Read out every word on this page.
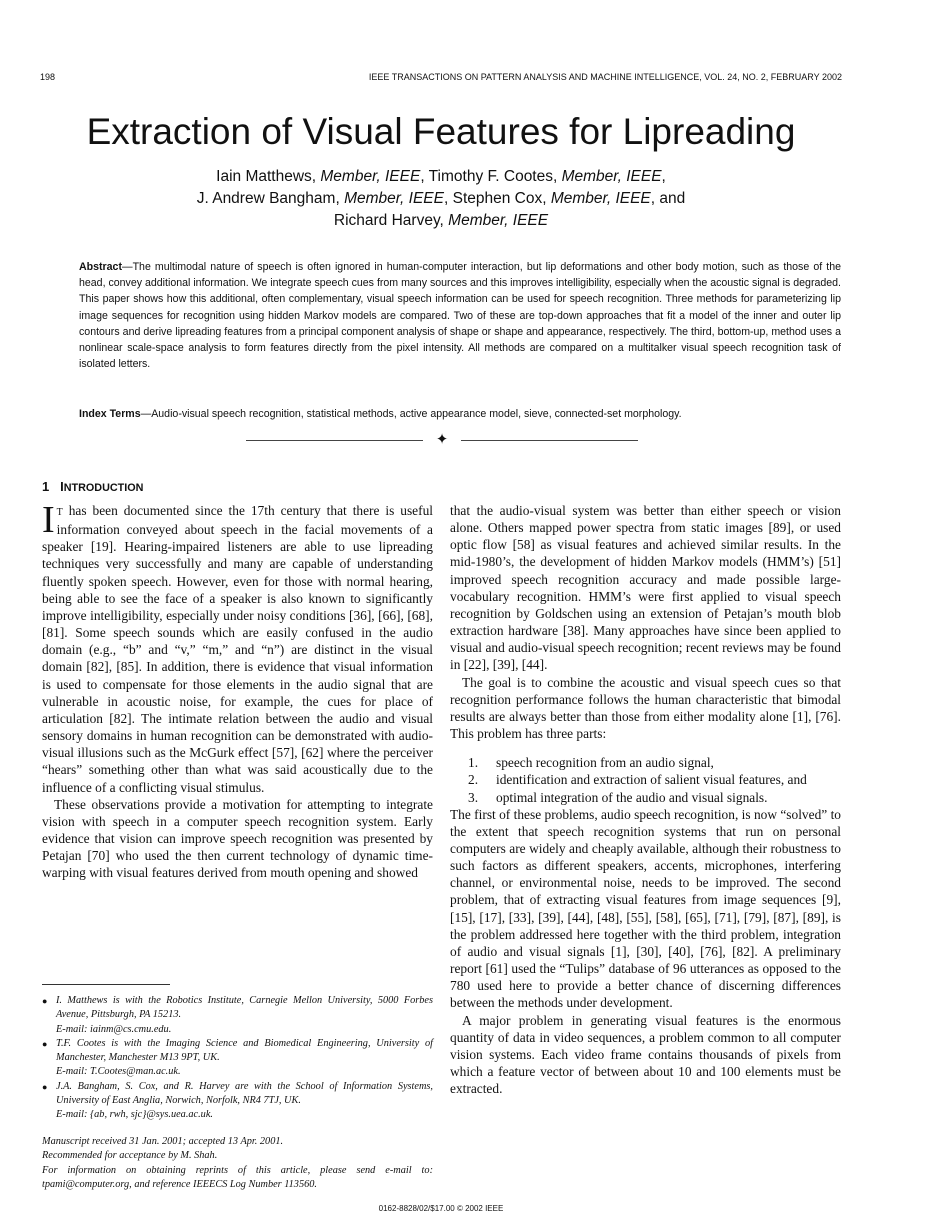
198	IEEE TRANSACTIONS ON PATTERN ANALYSIS AND MACHINE INTELLIGENCE, VOL. 24, NO. 2, FEBRUARY 2002
Extraction of Visual Features for Lipreading
Iain Matthews, Member, IEEE, Timothy F. Cootes, Member, IEEE,
J. Andrew Bangham, Member, IEEE, Stephen Cox, Member, IEEE, and
Richard Harvey, Member, IEEE
Abstract—The multimodal nature of speech is often ignored in human-computer interaction, but lip deformations and other body motion, such as those of the head, convey additional information. We integrate speech cues from many sources and this improves intelligibility, especially when the acoustic signal is degraded. This paper shows how this additional, often complementary, visual speech information can be used for speech recognition. Three methods for parameterizing lip image sequences for recognition using hidden Markov models are compared. Two of these are top-down approaches that fit a model of the inner and outer lip contours and derive lipreading features from a principal component analysis of shape or shape and appearance, respectively. The third, bottom-up, method uses a nonlinear scale-space analysis to form features directly from the pixel intensity. All methods are compared on a multitalker visual speech recognition task of isolated letters.
Index Terms—Audio-visual speech recognition, statistical methods, active appearance model, sieve, connected-set morphology.
✦
1 INTRODUCTION

I T has been documented since the 17th century that there is useful information conveyed about speech in the facial movements of a speaker [19]. Hearing-impaired listeners are able to use lipreading techniques very successfully and many are capable of understanding fluently spoken speech. However, even for those with normal hearing, being able to see the face of a speaker is also known to significantly improve intelligibility, especially under noisy conditions [36], [66], [68], [81]. Some speech sounds which are easily confused in the audio domain (e.g., “b” and “v,” “m,” and “n”) are distinct in the visual domain [82], [85]. In addition, there is evidence that visual information is used to compensate for those elements in the audio signal that are vulnerable in acoustic noise, for example, the cues for place of articulation [82]. The intimate relation between the audio and visual sensory domains in human recognition can be demonstrated with audio-visual illusions such as the McGurk effect [57], [62] where the perceiver “hears” something other than what was said acoustically due to the influence of a conflicting visual stimulus.

These observations provide a motivation for attempting to integrate vision with speech in a computer speech recognition system. Early evidence that vision can improve speech recognition was presented by Petajan [70] who used the then current technology of dynamic time-warping with visual features derived from mouth opening and showed

● I. Matthews is with the Robotics Institute, Carnegie Mellon University, 5000 Forbes Avenue, Pittsburgh, PA 15213.
E-mail: iainm@cs.cmu.edu.
● T.F. Cootes is with the Imaging Science and Biomedical Engineering, University of Manchester, Manchester M13 9PT, UK.
E-mail: T.Cootes@man.ac.uk.
● J.A. Bangham, S. Cox, and R. Harvey are with the School of Information Systems, University of East Anglia, Norwich, Norfolk, NR4 7TJ, UK.
E-mail: {ab, rwh, sjc}@sys.uea.ac.uk.
Manuscript received 31 Jan. 2001; accepted 13 Apr. 2001.
Recommended for acceptance by M. Shah.
For information on obtaining reprints of this article, please send e-mail to: tpami@computer.org, and reference IEEECS Log Number 113560.

that the audio-visual system was better than either speech or vision alone. Others mapped power spectra from static images [89], or used optic flow [58] as visual features and achieved similar results. In the mid-1980’s, the development of hidden Markov models (HMM’s) [51] improved speech recognition accuracy and made possible large-vocabulary recognition. HMM’s were first applied to visual speech recognition by Goldschen using an extension of Petajan’s mouth blob extraction hardware [38]. Many approaches have since been applied to visual and audio-visual speech recognition; recent reviews may be found in [22], [39], [44].

The goal is to combine the acoustic and visual speech cues so that recognition performance follows the human characteristic that bimodal results are always better than those from either modality alone [1], [76]. This problem has three parts:

1. speech recognition from an audio signal,
2. identification and extraction of salient visual features, and
3. optimal integration of the audio and visual signals.

The first of these problems, audio speech recognition, is now “solved” to the extent that speech recognition systems that run on personal computers are widely and cheaply available, although their robustness to such factors as different speakers, accents, microphones, interfering channel, or environmental noise, needs to be improved. The second problem, that of extracting visual features from image sequences [9], [15], [17], [33], [39], [44], [48], [55], [58], [65], [71], [79], [87], [89], is the problem addressed here together with the third problem, integration of audio and visual signals [1], [30], [40], [76], [82]. A preliminary report [61] used the “Tulips” database of 96 utterances as opposed to the 780 used here to provide a better chance of discerning differences between the methods under development.

A major problem in generating visual features is the enormous quantity of data in video sequences, a problem common to all computer vision systems. Each video frame contains thousands of pixels from which a feature vector of between about 10 and 100 elements must be extracted.

0162-8828/02/$17.00 © 2002 IEEE
